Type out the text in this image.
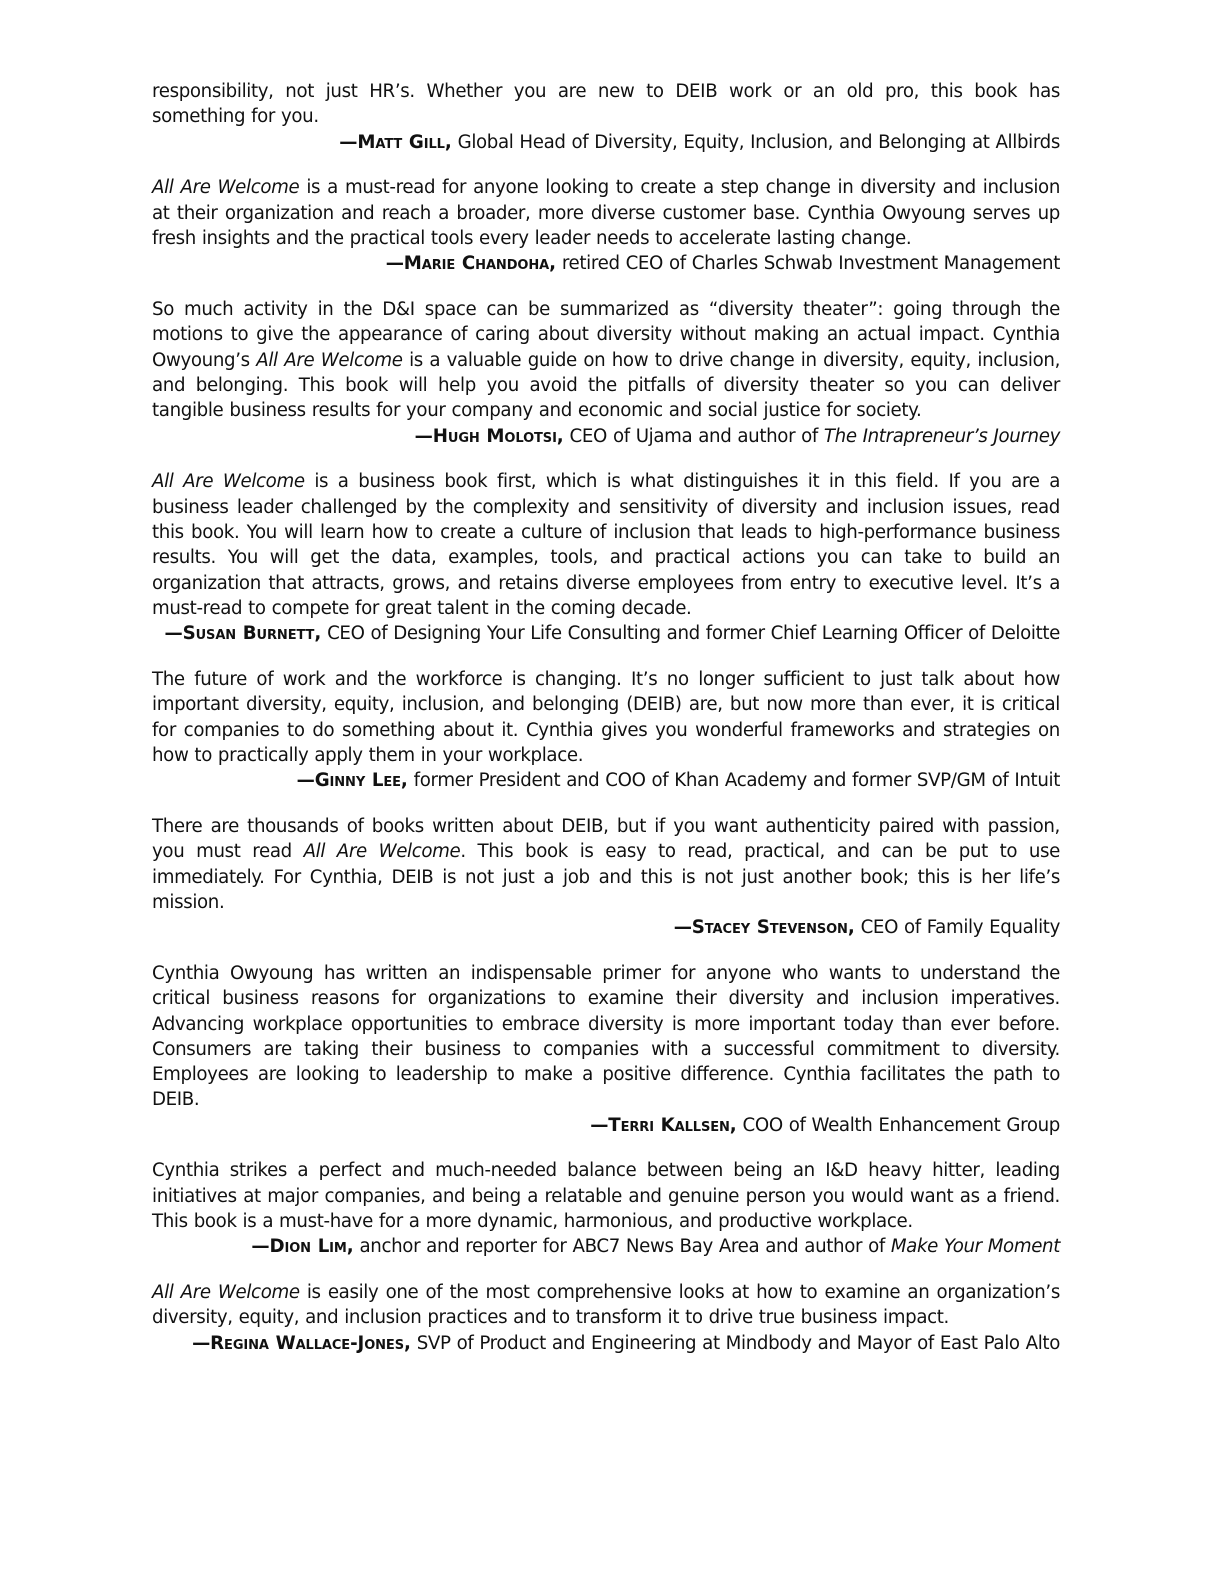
responsibility, not just HR’s. Whether you are new to DEIB work or an old pro, this book has something for you.

—Matt Gill, Global Head of Diversity, Equity, Inclusion, and Belonging at Allbirds

All Are Welcome is a must-read for anyone looking to create a step change in diversity and inclusion at their organization and reach a broader, more diverse customer base. Cynthia Owyoung serves up fresh insights and the practical tools every leader needs to accelerate lasting change.

—Marie Chandoha, retired CEO of Charles Schwab Investment Management

So much activity in the D&I space can be summarized as “diversity theater”: going through the motions to give the appearance of caring about diversity without making an actual impact. Cynthia Owyoung’s All Are Welcome is a valuable guide on how to drive change in diversity, equity, inclusion, and belonging. This book will help you avoid the pitfalls of diversity theater so you can deliver tangible business results for your company and economic and social justice for society.

—Hugh Molotsi, CEO of Ujama and author of The Intrapreneur’s Journey

All Are Welcome is a business book first, which is what distinguishes it in this field. If you are a business leader challenged by the complexity and sensitivity of diversity and inclusion issues, read this book. You will learn how to create a culture of inclusion that leads to high-performance business results. You will get the data, examples, tools, and practical actions you can take to build an organization that attracts, grows, and retains diverse employees from entry to executive level. It’s a must-read to compete for great talent in the coming decade.

—Susan Burnett, CEO of Designing Your Life Consulting and former Chief Learning Officer of Deloitte

The future of work and the workforce is changing. It’s no longer sufficient to just talk about how important diversity, equity, inclusion, and belonging (DEIB) are, but now more than ever, it is critical for companies to do something about it. Cynthia gives you wonderful frameworks and strategies on how to practically apply them in your workplace.

—Ginny Lee, former President and COO of Khan Academy and former SVP/GM of Intuit

There are thousands of books written about DEIB, but if you want authenticity paired with passion, you must read All Are Welcome. This book is easy to read, practical, and can be put to use immediately. For Cynthia, DEIB is not just a job and this is not just another book; this is her life’s mission.

—Stacey Stevenson, CEO of Family Equality

Cynthia Owyoung has written an indispensable primer for anyone who wants to understand the critical business reasons for organizations to examine their diversity and inclusion imperatives. Advancing workplace opportunities to embrace diversity is more important today than ever before. Consumers are taking their business to companies with a successful commitment to diversity. Employees are looking to leadership to make a positive difference. Cynthia facilitates the path to DEIB.

—Terri Kallsen, COO of Wealth Enhancement Group

Cynthia strikes a perfect and much-needed balance between being an I&D heavy hitter, leading initiatives at major companies, and being a relatable and genuine person you would want as a friend. This book is a must-have for a more dynamic, harmonious, and productive workplace.

—Dion Lim, anchor and reporter for ABC7 News Bay Area and author of Make Your Moment

All Are Welcome is easily one of the most comprehensive looks at how to examine an organization’s diversity, equity, and inclusion practices and to transform it to drive true business impact.

—Regina Wallace-Jones, SVP of Product and Engineering at Mindbody and Mayor of East Palo Alto
